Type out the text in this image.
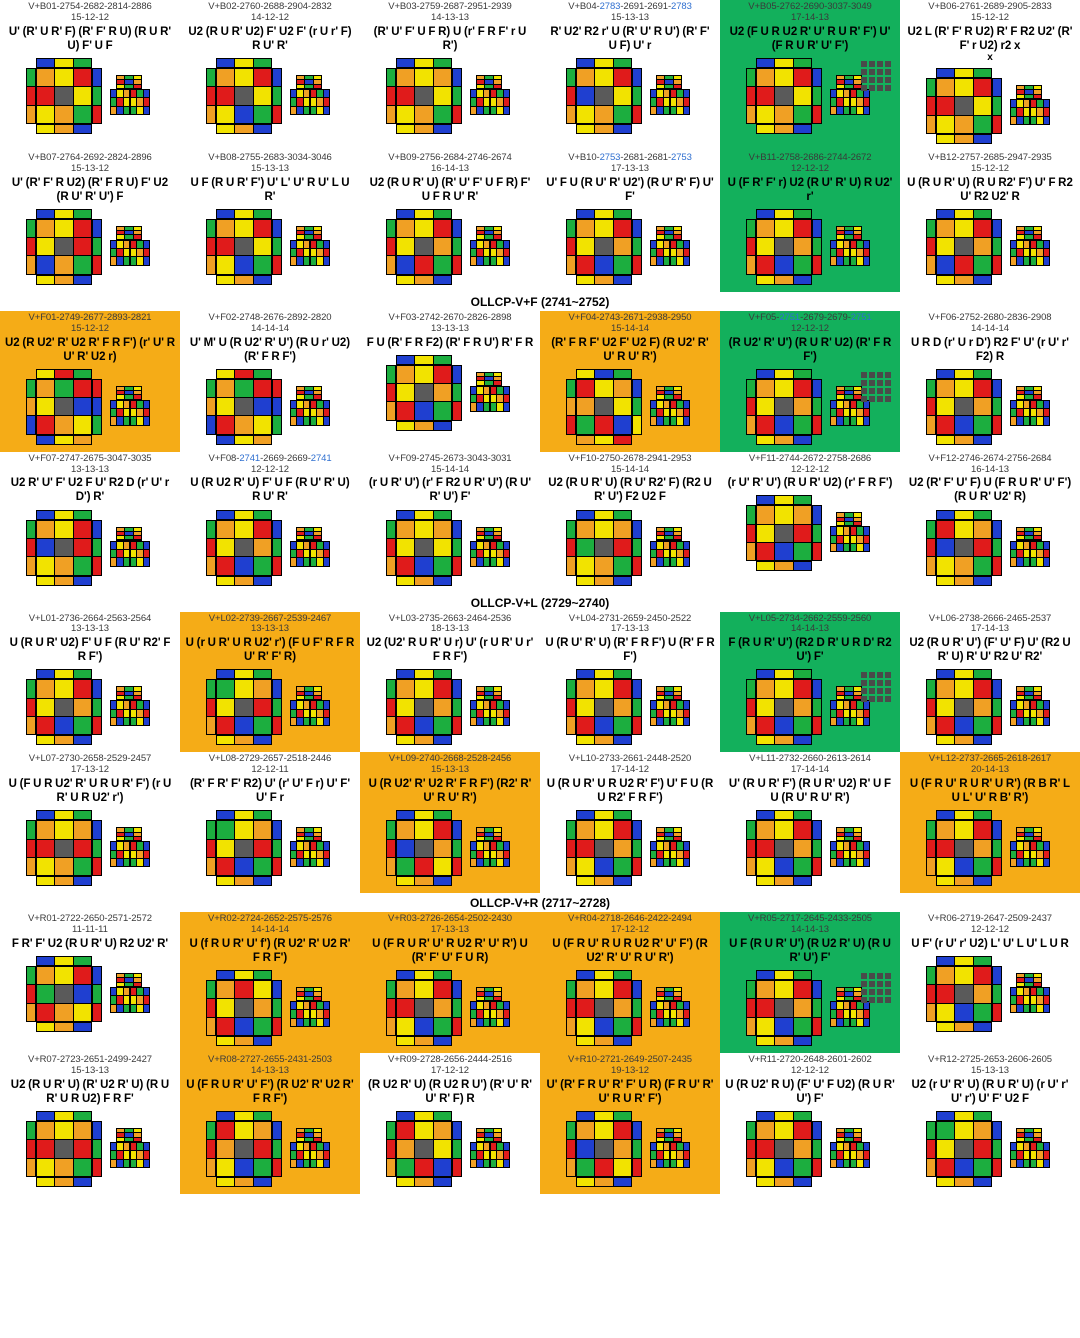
V+B01-2754-2682-2814-2886
15-12-12
U' (R' U R' F) (R' F' R U) (R U R' U) F' U F
V+B02-2760-2688-2904-2832
14-12-12
U2 (R U R' U2) F' U2 F' (r U r' F) R U' R'
V+B03-2759-2687-2951-2939
14-13-13
(R' U' F' U F R) U (r' F R F' r U R')
V+B04-2783-2691-2691-2783
15-13-13
R' U2' R2 r' U (R' U' R U') (R' F' U F) U' r
V+B05-2762-2690-3037-3049
17-14-13
U2 (F U R U2 R' U' R U R' F') U' (F R U R' U' F')
V+B06-2761-2689-2905-2833
15-12-12
U2 L (R' F' R U2) R' F R2 U2' (R' F' r U2) r2 x
x
V+B07-2764-2692-2824-2896
15-13-12
U' (R' F' R U2) (R' F R U) F' U2 (R U' R' U') F
V+B08-2755-2683-3034-3046
15-13-13
U F (R U R' F') U' L' U' R U' L U R'
V+B09-2756-2684-2746-2674
16-14-13
U2 (R U R' U) (R' U' F' U F R) F' U F R U' R'
V+B10-2753-2681-2681-2753
17-13-13
U' F U (R U' R' U2') (R U' R' F) U' F'
V+B11-2758-2686-2744-2672
12-12-12
U (F R' F' r) U2 (R U' R' U) R U2' r'
V+B12-2757-2685-2947-2935
15-12-12
U (R U R' U) (R U R2' F') U' F R2 U' R2 U2' R
OLLCP-V+F (2741~2752)
V+F01-2749-2677-2893-2821
15-12-12
U2 (R U2' R' U2 R' F R F') (r' U' R U' R' U2 r)
V+F02-2748-2676-2892-2820
14-14-14
U' M' U (R U2' R' U') (R U r' U2) (R' F R F')
V+F03-2742-2670-2826-2898
13-13-13
F U (R' F R F2) (R' F R U') R' F R
V+F04-2743-2671-2938-2950
15-14-14
(R' F R F' U2 F' U2 F) (R U2' R' U' R U' R')
V+F05-2751-2679-2679-2751
12-12-12
(R U2' R' U') (R U R' U2) (R' F R F')
V+F06-2752-2680-2836-2908
14-14-14
U R D (r' U r D') R2 F' U' (r U' r' F2) R
V+F07-2747-2675-3047-3035
13-13-13
U2 R' U' F' U2 F U' R2 D (r' U' r D') R'
V+F08-2741-2669-2669-2741
12-12-12
U (R U2 R' U) F' U F (R U' R' U) R U' R'
V+F09-2745-2673-3043-3031
15-14-14
(r U R' U') (r' F R2 U R' U') (R U' R' U') F'
V+F10-2750-2678-2941-2953
15-14-14
U2 (R U R' U) (R U' R2' F) (R2 U R' U') F2 U2 F
V+F11-2744-2672-2758-2686
12-12-12
(r U' R' U') (R U R' U2) (r' F R F')
V+F12-2746-2674-2756-2684
16-14-13
U2 (R' F' U' F) U (F R U R' U' F') (R U R' U2' R)
OLLCP-V+L (2729~2740)
V+L01-2736-2664-2563-2564
13-13-13
U (R U R' U2) F' U F (R U' R2' F R F')
V+L02-2739-2667-2539-2467
13-13-13
U (r U R' U R U2' r') (F U F' R F R U' R' F' R)
V+L03-2735-2663-2464-2536
18-13-13
U2 (U2' R U R' U r) U' (r U R' U r' F R F')
V+L04-2731-2659-2450-2522
17-13-13
U (R U' R' U) (R' F R F') U (R' F R F')
V+L05-2734-2662-2559-2560
14-14-13
F (R U R' U') (R2 D R' U R D' R2 U') F'
V+L06-2738-2666-2465-2537
17-14-13
U2 (R U R' U') (F' U' F) U' (R2 U R' U) R' U' R2 U' R2'
V+L07-2730-2658-2529-2457
17-13-12
U (F U R U2' R' U R U R' F') (r U R' U R U2' r')
V+L08-2729-2657-2518-2446
12-12-11
(R' F R' F' R2) U' (r' U' F r) U' F' U' F r
V+L09-2740-2668-2528-2456
15-13-13
U (R U2' R' U2 R' F R F') (R2' R' U' R U' R')
V+L10-2733-2661-2448-2520
17-14-12
U (R U R' U R U2 R' F') U' F U (R U R2' F R F')
V+L11-2732-2660-2613-2614
17-14-14
U' (R U R' F') (R U R' U2) R' U F U (R U' R U' R')
V+L12-2737-2665-2618-2617
20-14-13
U (F R U' R U R' U R') (R B R' L U L' U' R B' R')
OLLCP-V+R (2717~2728)
V+R01-2722-2650-2571-2572
11-11-11
F R' F' U2 (R U R' U) R2 U2' R'
V+R02-2724-2652-2575-2576
14-14-14
U (f R U R' U' f') (R U2' R' U2 R' F R F')
V+R03-2726-2654-2502-2430
17-13-13
U (F R U R' U' R U2 R' U' R') U (R' F' U' F U R)
V+R04-2718-2646-2422-2494
17-12-12
U (F R U' R U R U2 R' U' F') (R U2' R' U' R U' R')
V+R05-2717-2645-2433-2505
14-14-13
U F (R U R' U') (R U2 R' U) (R U R' U') F'
V+R06-2719-2647-2509-2437
12-12-12
U F' (r U' r' U2) L' U' L U' L U R
V+R07-2723-2651-2499-2427
15-13-13
U2 (R U R' U) (R' U2 R' U) (R U R' U R U2) F R F'
V+R08-2727-2655-2431-2503
14-13-13
U (F R U R' U' F') (R U2' R' U2 R' F R F')
V+R09-2728-2656-2444-2516
17-12-12
(R U2 R' U) (R U2 R U') (R' U' R' U' R' F) R
V+R10-2721-2649-2507-2435
19-13-12
U' (R' F R U' R' F' U R) (F R U' R' U' R U R' F')
V+R11-2720-2648-2601-2602
12-12-12
U (R U2' R U) (F' U' F U2) (R U R' U') F'
V+R12-2725-2653-2606-2605
15-13-13
U2 (r U' R' U) (R U R' U) (r U' r' U' r') U' F' U2 F
